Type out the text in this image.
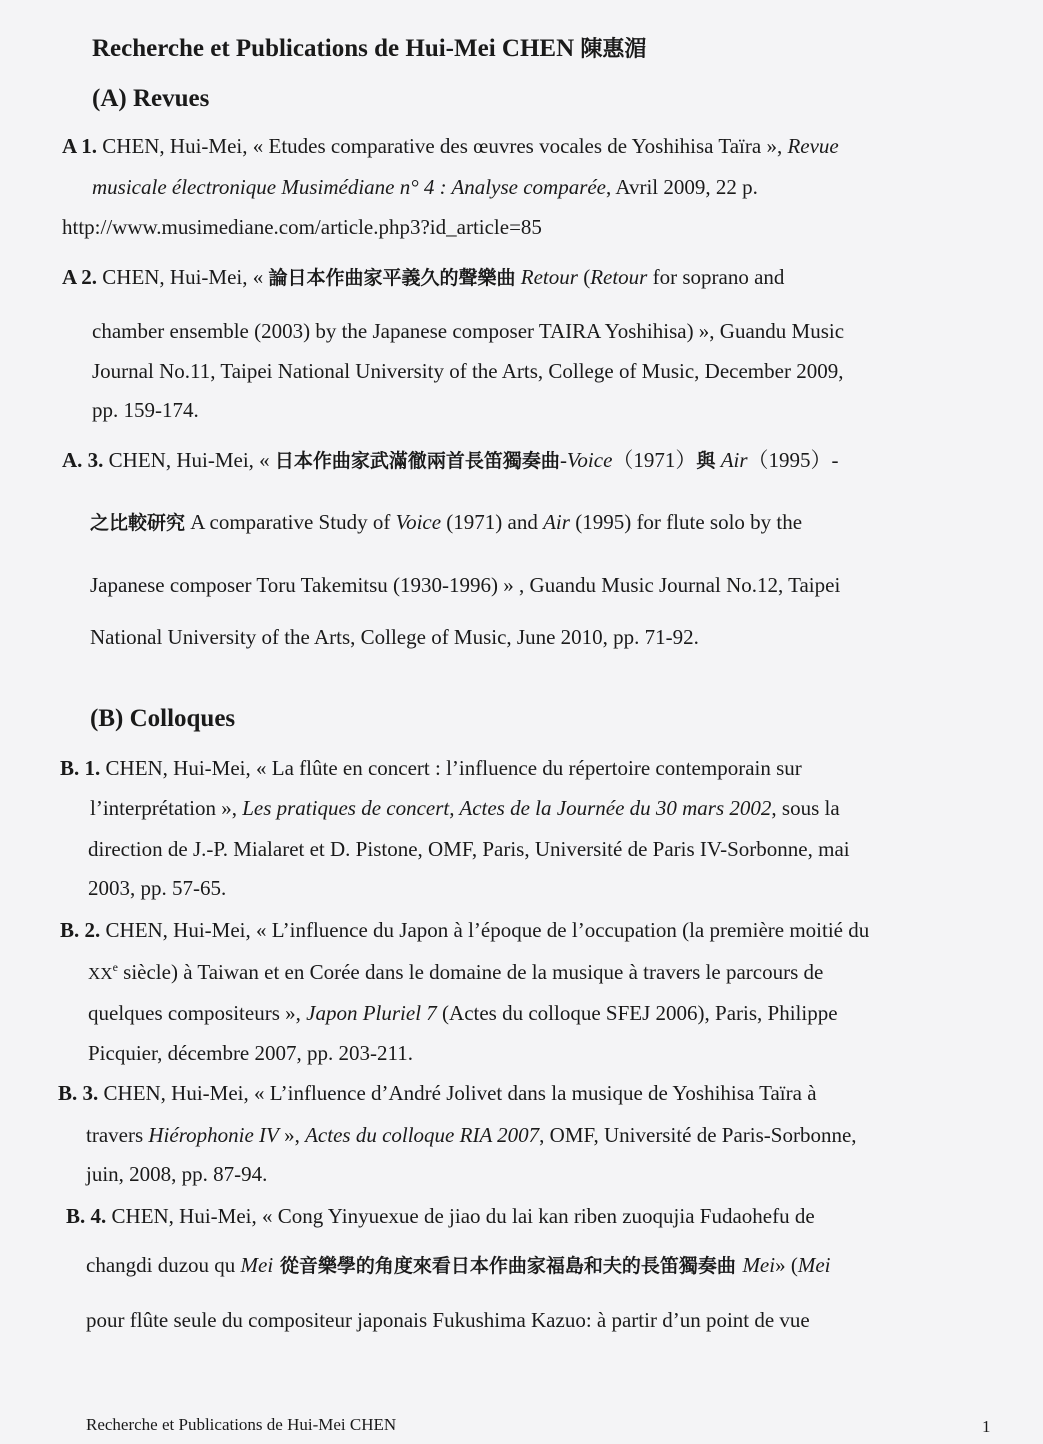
Recherche et Publications de Hui-Mei CHEN 陳惠湄
(A) Revues
A 1. CHEN, Hui-Mei, « Etudes comparative des œuvres vocales de Yoshihisa Taïra », Revue
musicale électronique Musimédiane n° 4 : Analyse comparée, Avril 2009, 22 p.
http://www.musimediane.com/article.php3?id_article=85
A 2. CHEN, Hui-Mei, « 論日本作曲家平義久的聲樂曲 Retour (Retour for soprano and
chamber ensemble (2003) by the Japanese composer TAIRA Yoshihisa) », Guandu Music
Journal No.11, Taipei National University of the Arts, College of Music, December 2009,
pp. 159-174.
A. 3. CHEN, Hui-Mei, « 日本作曲家武滿徹兩首長笛獨奏曲-Voice（1971）與 Air（1995）-
之比較研究 A comparative Study of Voice (1971) and Air (1995) for flute solo by the
Japanese composer Toru Takemitsu (1930-1996) » , Guandu Music Journal No.12, Taipei
National University of the Arts, College of Music, June 2010, pp. 71-92.
(B) Colloques
B. 1. CHEN, Hui-Mei, « La flûte en concert : l’influence du répertoire contemporain sur
l’interprétation », Les pratiques de concert, Actes de la Journée du 30 mars 2002, sous la
direction de J.-P. Mialaret et D. Pistone, OMF, Paris, Université de Paris IV-Sorbonne, mai
2003, pp. 57-65.
B. 2. CHEN, Hui-Mei, « L’influence du Japon à l’époque de l’occupation (la première moitié du
XXe siècle) à Taiwan et en Corée dans le domaine de la musique à travers le parcours de
quelques compositeurs », Japon Pluriel 7 (Actes du colloque SFEJ 2006), Paris, Philippe
Picquier, décembre 2007, pp. 203-211.
B. 3. CHEN, Hui-Mei, « L’influence d’André Jolivet dans la musique de Yoshihisa Taïra à
travers Hiérophonie IV », Actes du colloque RIA 2007, OMF, Université de Paris-Sorbonne,
juin, 2008, pp. 87-94.
B. 4. CHEN, Hui-Mei, « Cong Yinyuexue de jiao du lai kan riben zuoqujia Fudaohefu de
changdi duzou qu Mei 從音樂學的角度來看日本作曲家福島和夫的長笛獨奏曲 Mei» (Mei
pour flûte seule du compositeur japonais Fukushima Kazuo: à partir d’un point de vue
Recherche et Publications de Hui-Mei CHEN	1
